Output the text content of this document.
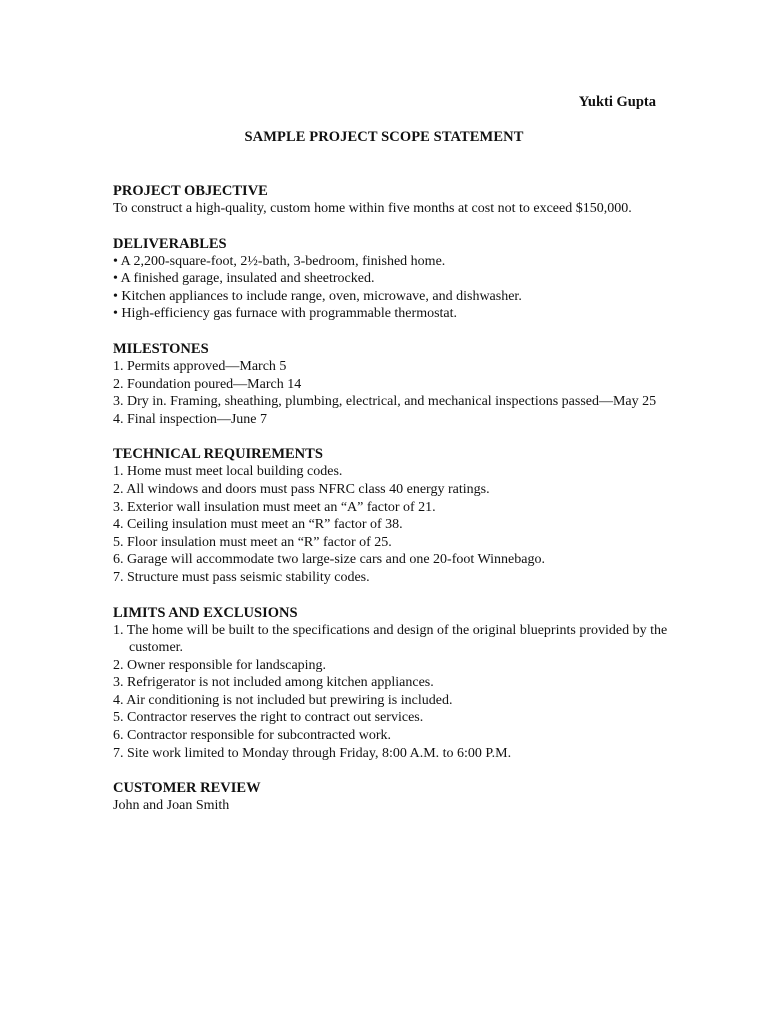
Yukti Gupta
SAMPLE PROJECT SCOPE STATEMENT

PROJECT OBJECTIVE

To construct a high-quality, custom home within five months at cost not to exceed $150,000.

DELIVERABLES

• A 2,200-square-foot, 2½-bath, 3-bedroom, finished home.
• A finished garage, insulated and sheetrocked.
• Kitchen appliances to include range, oven, microwave, and dishwasher.
• High-efficiency gas furnace with programmable thermostat.

MILESTONES

1. Permits approved—March 5
2. Foundation poured—March 14
3. Dry in. Framing, sheathing, plumbing, electrical, and mechanical inspections passed—May 25
4. Final inspection—June 7

TECHNICAL REQUIREMENTS

1. Home must meet local building codes.
2. All windows and doors must pass NFRC class 40 energy ratings.
3. Exterior wall insulation must meet an “A” factor of 21.
4. Ceiling insulation must meet an “R” factor of 38.
5. Floor insulation must meet an “R” factor of 25.
6. Garage will accommodate two large-size cars and one 20-foot Winnebago.
7. Structure must pass seismic stability codes.

LIMITS AND EXCLUSIONS

1. The home will be built to the specifications and design of the original blueprints provided by the customer.
2. Owner responsible for landscaping.
3. Refrigerator is not included among kitchen appliances.
4. Air conditioning is not included but prewiring is included.
5. Contractor reserves the right to contract out services.
6. Contractor responsible for subcontracted work.
7. Site work limited to Monday through Friday, 8:00 A.M. to 6:00 P.M.

CUSTOMER REVIEW

John and Joan Smith
